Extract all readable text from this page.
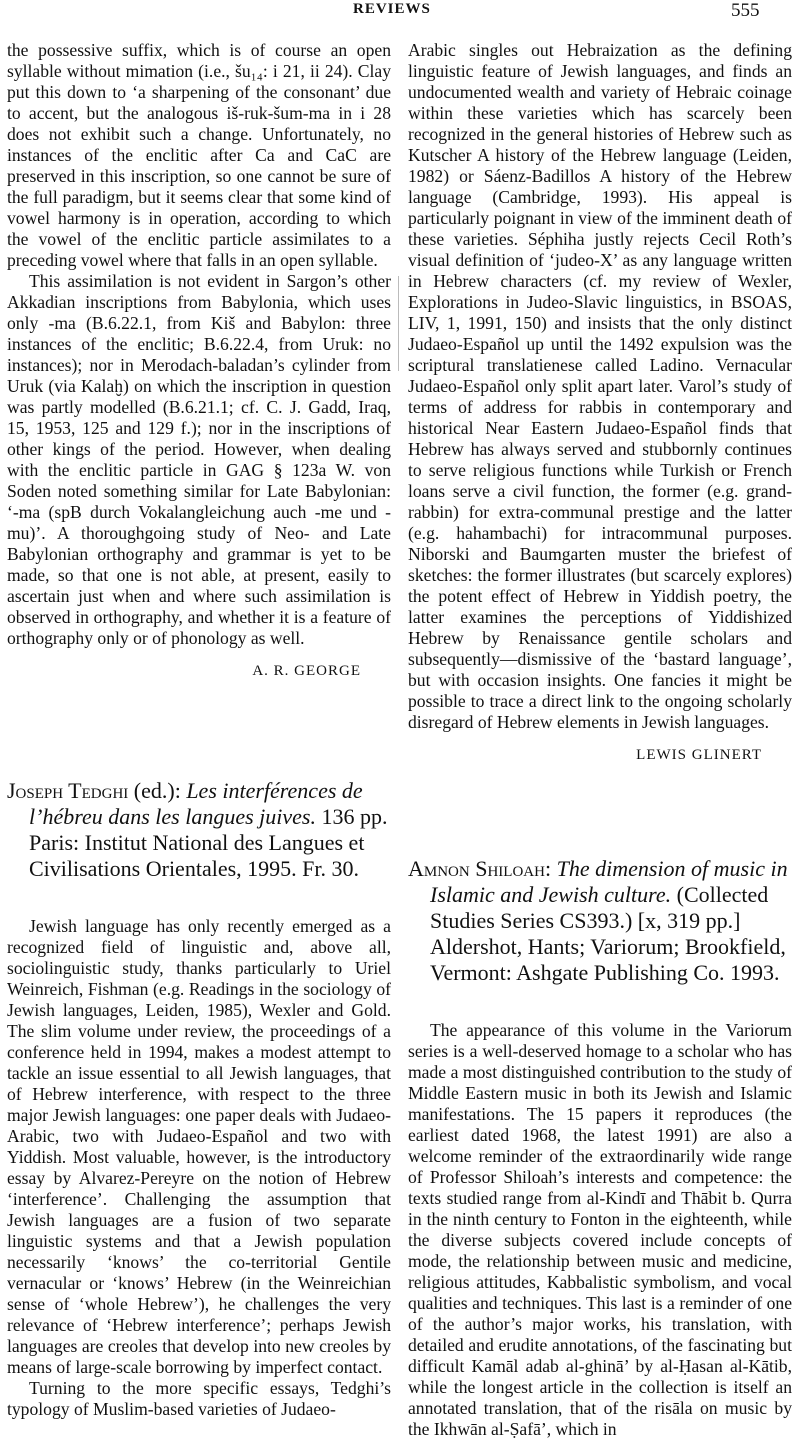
REVIEWS	555

the possessive suffix, which is of course an open syllable without mimation (i.e., šu₁₄: i 21, ii 24). Clay put this down to ‘a sharpening of the consonant’ due to accent, but the analogous iš-ruk-šum-ma in i 28 does not exhibit such a change. Unfortunately, no instances of the enclitic after Ca and CaC are preserved in this inscription, so one cannot be sure of the full paradigm, but it seems clear that some kind of vowel harmony is in operation, according to which the vowel of the enclitic particle assimilates to a preceding vowel where that falls in an open syllable.

This assimilation is not evident in Sargon’s other Akkadian inscriptions from Babylonia, which uses only -ma (B.6.22.1, from Kiš and Babylon: three instances of the enclitic; B.6.22.4, from Uruk: no instances); nor in Merodach-baladan’s cylinder from Uruk (via Kalaḫ) on which the inscription in question was partly modelled (B.6.21.1; cf. C. J. Gadd, Iraq, 15, 1953, 125 and 129 f.); nor in the inscriptions of other kings of the period. However, when dealing with the enclitic particle in GAG § 123a W. von Soden noted something similar for Late Babylonian: ‘-ma (spB durch Vokalangleichung auch -me und -mu)’. A thoroughgoing study of Neo- and Late Babylonian orthography and grammar is yet to be made, so that one is not able, at present, easily to ascertain just when and where such assimilation is observed in orthography, and whether it is a feature of orthography only or of phonology as well.

A. R. GEORGE
Joseph Tedghi (ed.): Les interférences de l’hébreu dans les langues juives. 136 pp. Paris: Institut National des Langues et Civilisations Orientales, 1995. Fr. 30.

Jewish language has only recently emerged as a recognized field of linguistic and, above all, sociolinguistic study, thanks particularly to Uriel Weinreich, Fishman (e.g. Readings in the sociology of Jewish languages, Leiden, 1985), Wexler and Gold. The slim volume under review, the proceedings of a conference held in 1994, makes a modest attempt to tackle an issue essential to all Jewish languages, that of Hebrew interference, with respect to the three major Jewish languages: one paper deals with Judaeo-Arabic, two with Judaeo-Español and two with Yiddish. Most valuable, however, is the introductory essay by Alvarez-Pereyre on the notion of Hebrew ‘interference’. Challenging the assumption that Jewish languages are a fusion of two separate linguistic systems and that a Jewish population necessarily ‘knows’ the co-territorial Gentile vernacular or ‘knows’ Hebrew (in the Weinreichian sense of ‘whole Hebrew’), he challenges the very relevance of ‘Hebrew interference’; perhaps Jewish languages are creoles that develop into new creoles by means of large-scale borrowing by imperfect contact.

Turning to the more specific essays, Tedghi’s typology of Muslim-based varieties of Judaeo-

Arabic singles out Hebraization as the defining linguistic feature of Jewish languages, and finds an undocumented wealth and variety of Hebraic coinage within these varieties which has scarcely been recognized in the general histories of Hebrew such as Kutscher A history of the Hebrew language (Leiden, 1982) or Sáenz-Badillos A history of the Hebrew language (Cambridge, 1993). His appeal is particularly poignant in view of the imminent death of these varieties. Séphiha justly rejects Cecil Roth’s visual definition of ‘judeo-X’ as any language written in Hebrew characters (cf. my review of Wexler, Explorations in Judeo-Slavic linguistics, in BSOAS, LIV, 1, 1991, 150) and insists that the only distinct Judaeo-Español up until the 1492 expulsion was the scriptural translatienese called Ladino. Vernacular Judaeo-Español only split apart later. Varol’s study of terms of address for rabbis in contemporary and historical Near Eastern Judaeo-Español finds that Hebrew has always served and stubbornly continues to serve religious functions while Turkish or French loans serve a civil function, the former (e.g. grand-rabbin) for extra-communal prestige and the latter (e.g. hahambachi) for intracommunal purposes. Niborski and Baumgarten muster the briefest of sketches: the former illustrates (but scarcely explores) the potent effect of Hebrew in Yiddish poetry, the latter examines the perceptions of Yiddishized Hebrew by Renaissance gentile scholars and subsequently—dismissive of the ‘bastard language’, but with occasion insights. One fancies it might be possible to trace a direct link to the ongoing scholarly disregard of Hebrew elements in Jewish languages.

LEWIS GLINERT
Amnon Shiloah: The dimension of music in Islamic and Jewish culture. (Collected Studies Series CS393.) [x, 319 pp.] Aldershot, Hants; Variorum; Brookfield, Vermont: Ashgate Publishing Co. 1993.

The appearance of this volume in the Variorum series is a well-deserved homage to a scholar who has made a most distinguished contribution to the study of Middle Eastern music in both its Jewish and Islamic manifestations. The 15 papers it reproduces (the earliest dated 1968, the latest 1991) are also a welcome reminder of the extraordinarily wide range of Professor Shiloah’s interests and competence: the texts studied range from al-Kindī and Thābit b. Qurra in the ninth century to Fonton in the eighteenth, while the diverse subjects covered include concepts of mode, the relationship between music and medicine, religious attitudes, Kabbalistic symbolism, and vocal qualities and techniques. This last is a reminder of one of the author’s major works, his translation, with detailed and erudite annotations, of the fascinating but difficult Kamāl adab al-ghinā’ by al-Ḥasan al-Kātib, while the longest article in the collection is itself an annotated translation, that of the risāla on music by the Ikhwān al-Ṣafā’, which in
